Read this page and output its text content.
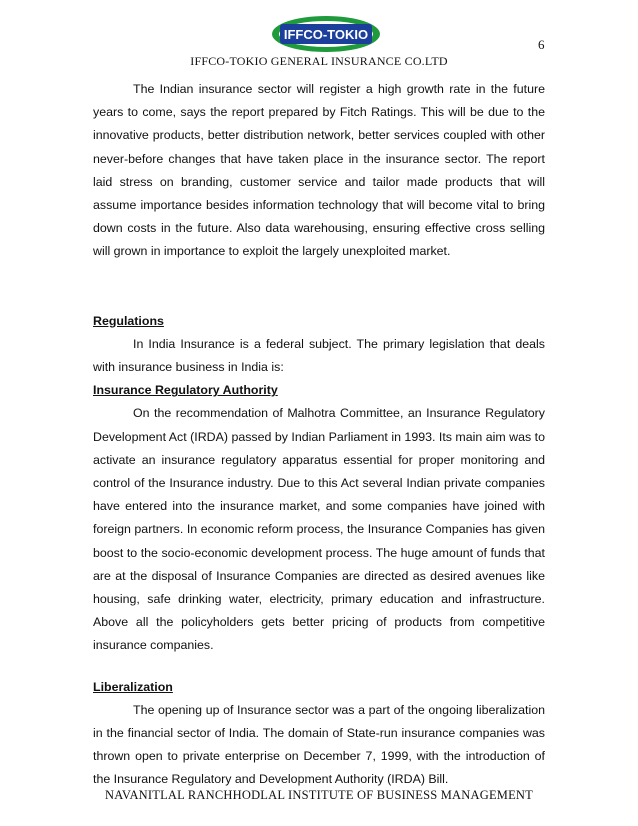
IFFCO-TOKIO
6
IFFCO-TOKIO GENERAL INSURANCE CO.LTD

The Indian insurance sector will register a high growth rate in the future years to come, says the report prepared by Fitch Ratings. This will be due to the innovative products, better distribution network, better services coupled with other never-before changes that have taken place in the insurance sector. The report laid stress on branding, customer service and tailor made products that will assume importance besides information technology that will become vital to bring down costs in the future. Also data warehousing, ensuring effective cross selling will grown in importance to exploit the largely unexploited market.

Regulations

In India Insurance is a federal subject. The primary legislation that deals with insurance business in India is:

Insurance Regulatory Authority

On the recommendation of Malhotra Committee, an Insurance Regulatory Development Act (IRDA) passed by Indian Parliament in 1993. Its main aim was to activate an insurance regulatory apparatus essential for proper monitoring and control of the Insurance industry. Due to this Act several Indian private companies have entered into the insurance market, and some companies have joined with foreign partners. In economic reform process, the Insurance Companies has given boost to the socio-economic development process. The huge amount of funds that are at the disposal of Insurance Companies are directed as desired avenues like housing, safe drinking water, electricity, primary education and infrastructure. Above all the policyholders gets better pricing of products from competitive insurance companies.

Liberalization

The opening up of Insurance sector was a part of the ongoing liberalization in the financial sector of India. The domain of State-run insurance companies was thrown open to private enterprise on December 7, 1999, with the introduction of the Insurance Regulatory and Development Authority (IRDA) Bill.

NAVANITLAL RANCHHODLAL INSTITUTE OF BUSINESS MANAGEMENT
